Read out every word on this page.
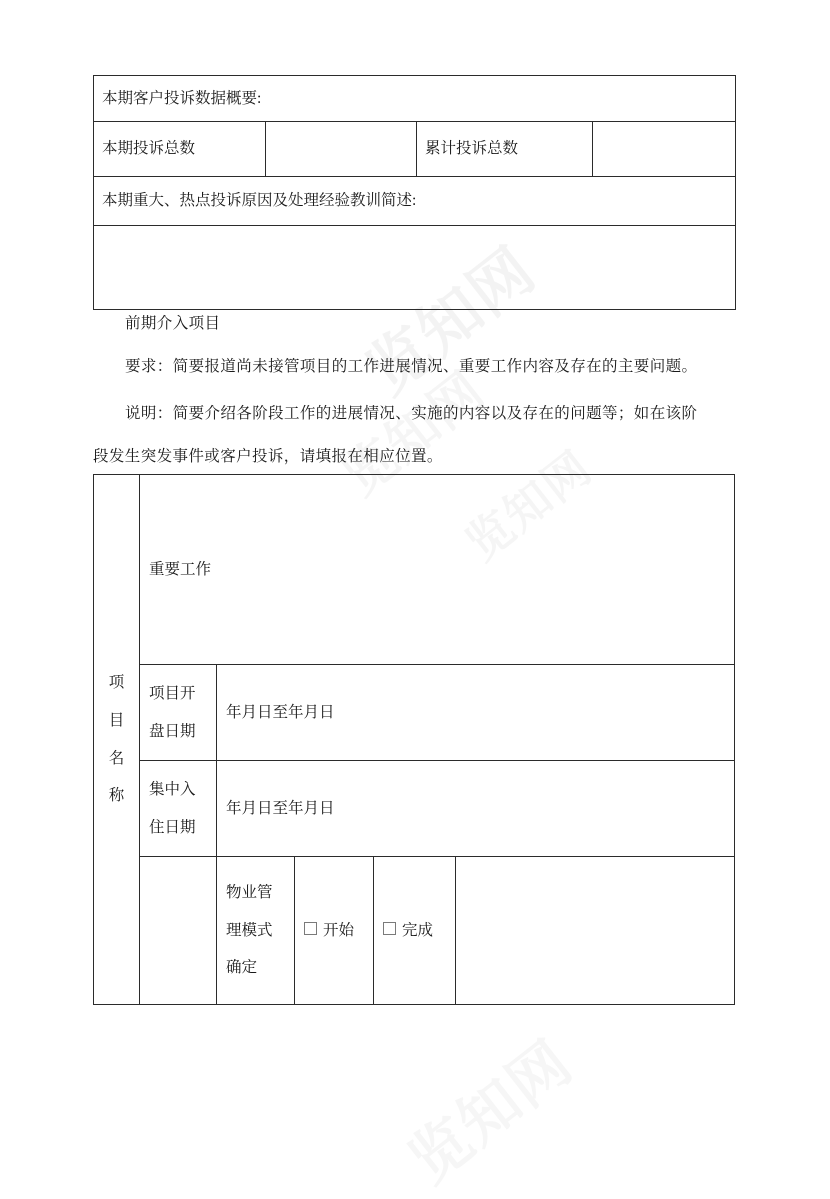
本期客户投诉数据概要:

本期投诉总数		累计投诉总数

本期重大、热点投诉原因及处理经验教训简述:

前期介入项目
要求：简要报道尚未接管项目的工作进展情况、重要工作内容及存在的主要问题。
说明：简要介绍各阶段工作的进展情况、实施的内容以及存在的问题等；如在该阶
段发生突发事件或客户投诉，请填报在相应位置。
项
目
名
称	重要工作				

	项目开
盘日期	年月日至年月日			

	集中入
住日期	年月日至年月日			

		物业管
理模式
确定	开始	完成	
